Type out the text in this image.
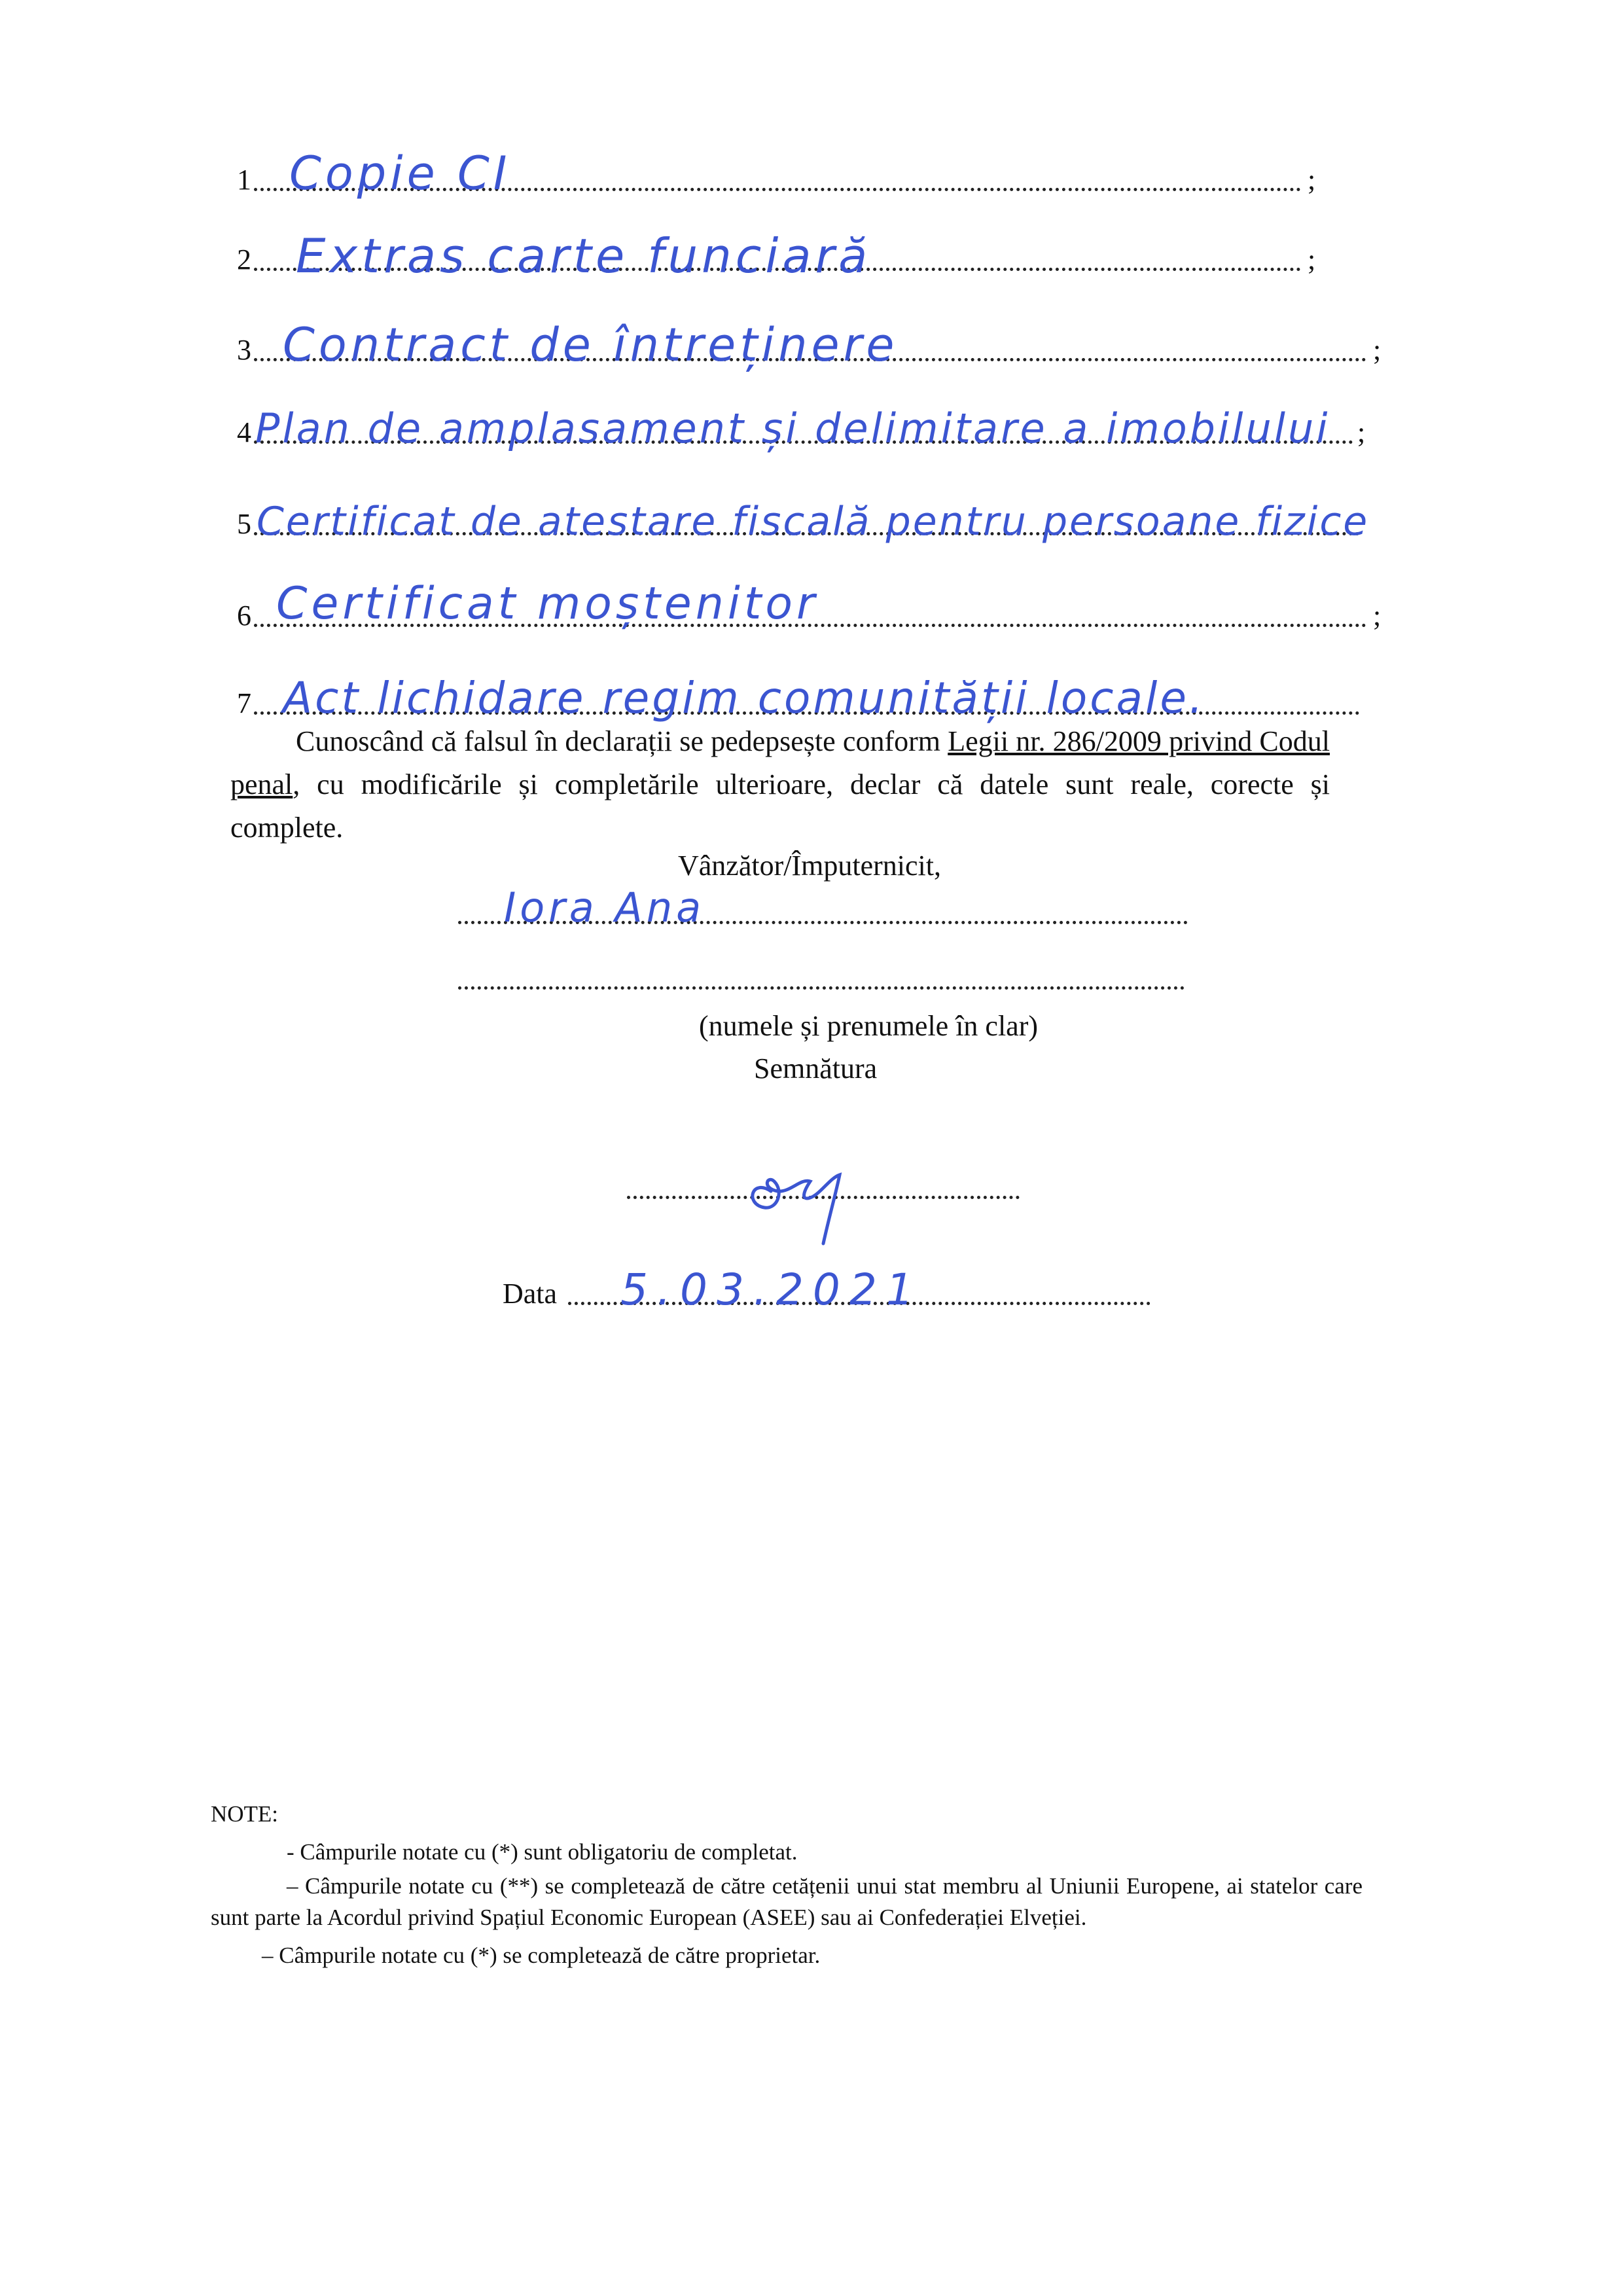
1	;
Copie CI
2	;
Extras carte funciară
3	;
Contract de întreținere
4	;
Plan de amplasament și delimitare a imobilului
5 Certificat de atestare fiscală pentru persoane fizice
6	;
Certificat moștenitor
7 Act lichidare regim comunității locale.
Cunoscând că falsul în declarații se pedepsește conform Legii nr. 286/2009 privind Codul penal, cu modificările și completările ulterioare, declar că datele sunt reale, corecte și complete.
Vânzător/Împuternicit,
Iora Ana
(numele și prenumele în clar)
Semnătura
Data 5.03.2021
NOTE:
- Câmpurile notate cu (*) sunt obligatoriu de completat.
– Câmpurile notate cu (**) se completează de către cetățenii unui stat membru al Uniunii Europene, ai statelor care sunt parte la Acordul privind Spațiul Economic European (ASEE) sau ai Confederației Elveției.
– Câmpurile notate cu (*) se completează de către proprietar.
